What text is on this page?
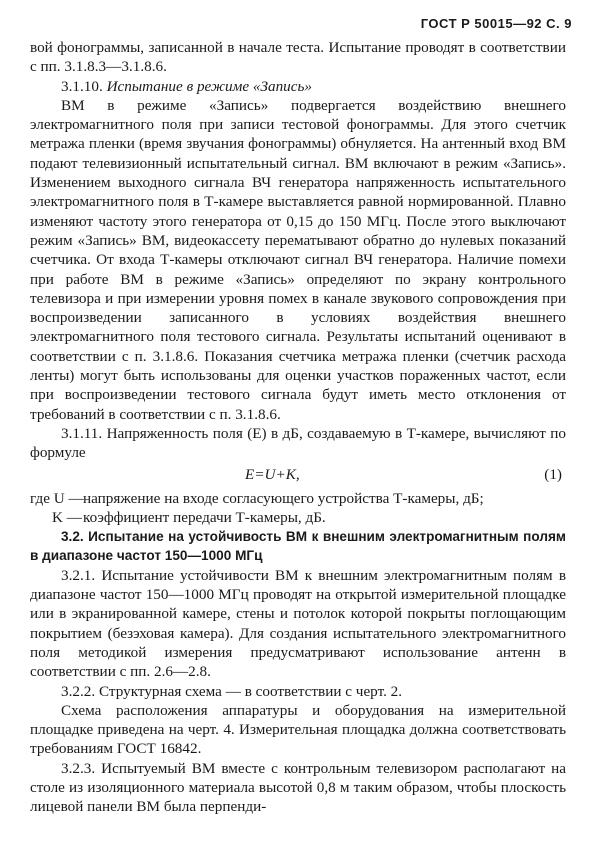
ГОСТ Р 50015—92 С. 9

вой фонограммы, записанной в начале теста. Испытание проводят в соответствии с пп. 3.1.8.3—3.1.8.6.

3.1.10. Испытание в режиме «Запись»

ВМ в режиме «Запись» подвергается воздействию внешнего электромагнитного поля при записи тестовой фонограммы. Для этого счетчик метража пленки (время звучания фонограммы) обнуляется. На антенный вход ВМ подают телевизионный испытательный сигнал. ВМ включают в режим «Запись». Изменением выходного сигнала ВЧ генератора напряженность испытательного электромагнитного поля в Т-камере выставляется равной нормированной. Плавно изменяют частоту этого генератора от 0,15 до 150 МГц. После этого выключают режим «Запись» ВМ, видеокассету перематывают обратно до нулевых показаний счетчика. От входа Т-камеры отключают сигнал ВЧ генератора. Наличие помехи при работе ВМ в режиме «Запись» определяют по экрану контрольного телевизора и при измерении уровня помех в канале звукового сопровождения при воспроизведении записанного в условиях воздействия внешнего электромагнитного поля тестового сигнала. Результаты испытаний оценивают в соответствии с п. 3.1.8.6. Показания счетчика метража пленки (счетчик расхода ленты) могут быть использованы для оценки участков пораженных частот, если при воспроизведении тестового сигнала будут иметь место отклонения от требований в соответствии с п. 3.1.8.6.

3.1.11. Напряженность поля (E) в дБ, создаваемую в Т-камере, вычисляют по формуле

E=U+K,	(1)

где U — напряжение на входе согласующего устройства Т-камеры, дБ;

K — коэффициент передачи Т-камеры, дБ.

3.2. Испытание на устойчивость ВМ к внешним электромагнитным полям в диапазоне частот 150—1000 МГц

3.2.1. Испытание устойчивости ВМ к внешним электромагнитным полям в диапазоне частот 150—1000 МГц проводят на открытой измерительной площадке или в экранированной камере, стены и потолок которой покрыты поглощающим покрытием (безэховая камера). Для создания испытательного электромагнитного поля методикой измерения предусматривают использование антенн в соответствии с пп. 2.6—2.8.

3.2.2. Структурная схема — в соответствии с черт. 2.

Схема расположения аппаратуры и оборудования на измерительной площадке приведена на черт. 4. Измерительная площадка должна соответствовать требованиям ГОСТ 16842.

3.2.3. Испытуемый ВМ вместе с контрольным телевизором располагают на столе из изоляционного материала высотой 0,8 м таким образом, чтобы плоскость лицевой панели ВМ была перпенди-
